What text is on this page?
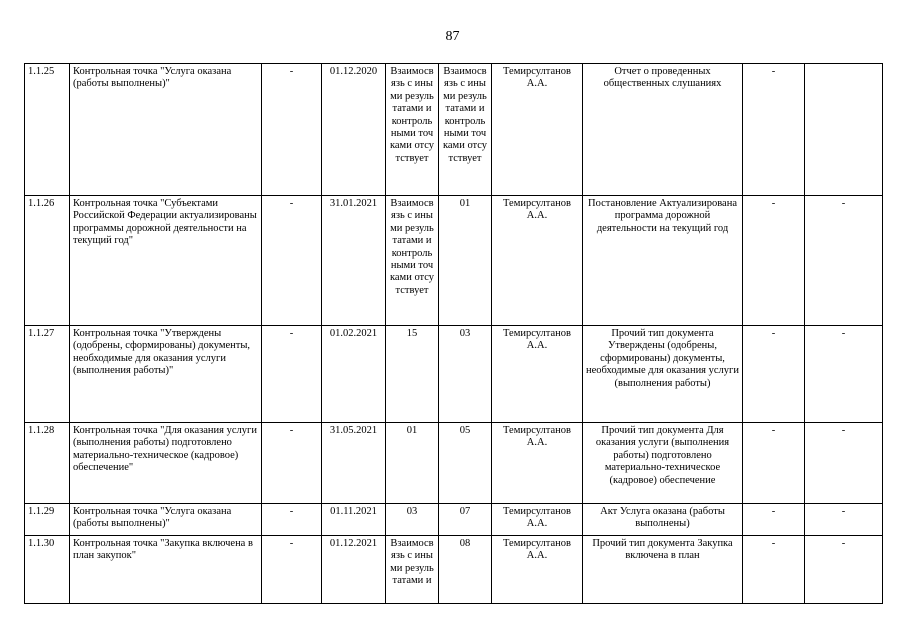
87
1.1.25	Контрольная точка "Услуга оказана (работы выполнены)"	-	01.12.2020	Взаимосвязь с иными результатами и контрольными точками отсутствует	Взаимосвязь с иными результатами и контрольными точками отсутствует	Темирсултанов А.А.	Отчет о проведенных общественных слушаниях	-	
1.1.26	Контрольная точка "Субъектами Российской Федерации актуализированы программы дорожной деятельности на текущий год"	-	31.01.2021	Взаимосвязь с иными результатами и контрольными точками отсутствует	01	Темирсултанов А.А.	Постановление Актуализирована программа дорожной деятельности на текущий год	-	-
1.1.27	Контрольная точка "Утверждены (одобрены, сформированы) документы, необходимые для оказания услуги (выполнения работы)"	-	01.02.2021	15	03	Темирсултанов А.А.	Прочий тип документа Утверждены (одобрены, сформированы) документы, необходимые для оказания услуги (выполнения работы)	-	-
1.1.28	Контрольная точка "Для оказания услуги (выполнения работы) подготовлено материально-техническое (кадровое) обеспечение"	-	31.05.2021	01	05	Темирсултанов А.А.	Прочий тип документа Для оказания услуги (выполнения работы) подготовлено материально-техническое (кадровое) обеспечение	-	-
1.1.29	Контрольная точка "Услуга оказана (работы выполнены)"	-	01.11.2021	03	07	Темирсултанов А.А.	Акт Услуга оказана (работы выполнены)	-	-
1.1.30	Контрольная точка "Закупка включена в план закупок"	-	01.12.2021	Взаимосвязь с иными результатами и	08	Темирсултанов А.А.	Прочий тип документа Закупка включена в план	-	-
